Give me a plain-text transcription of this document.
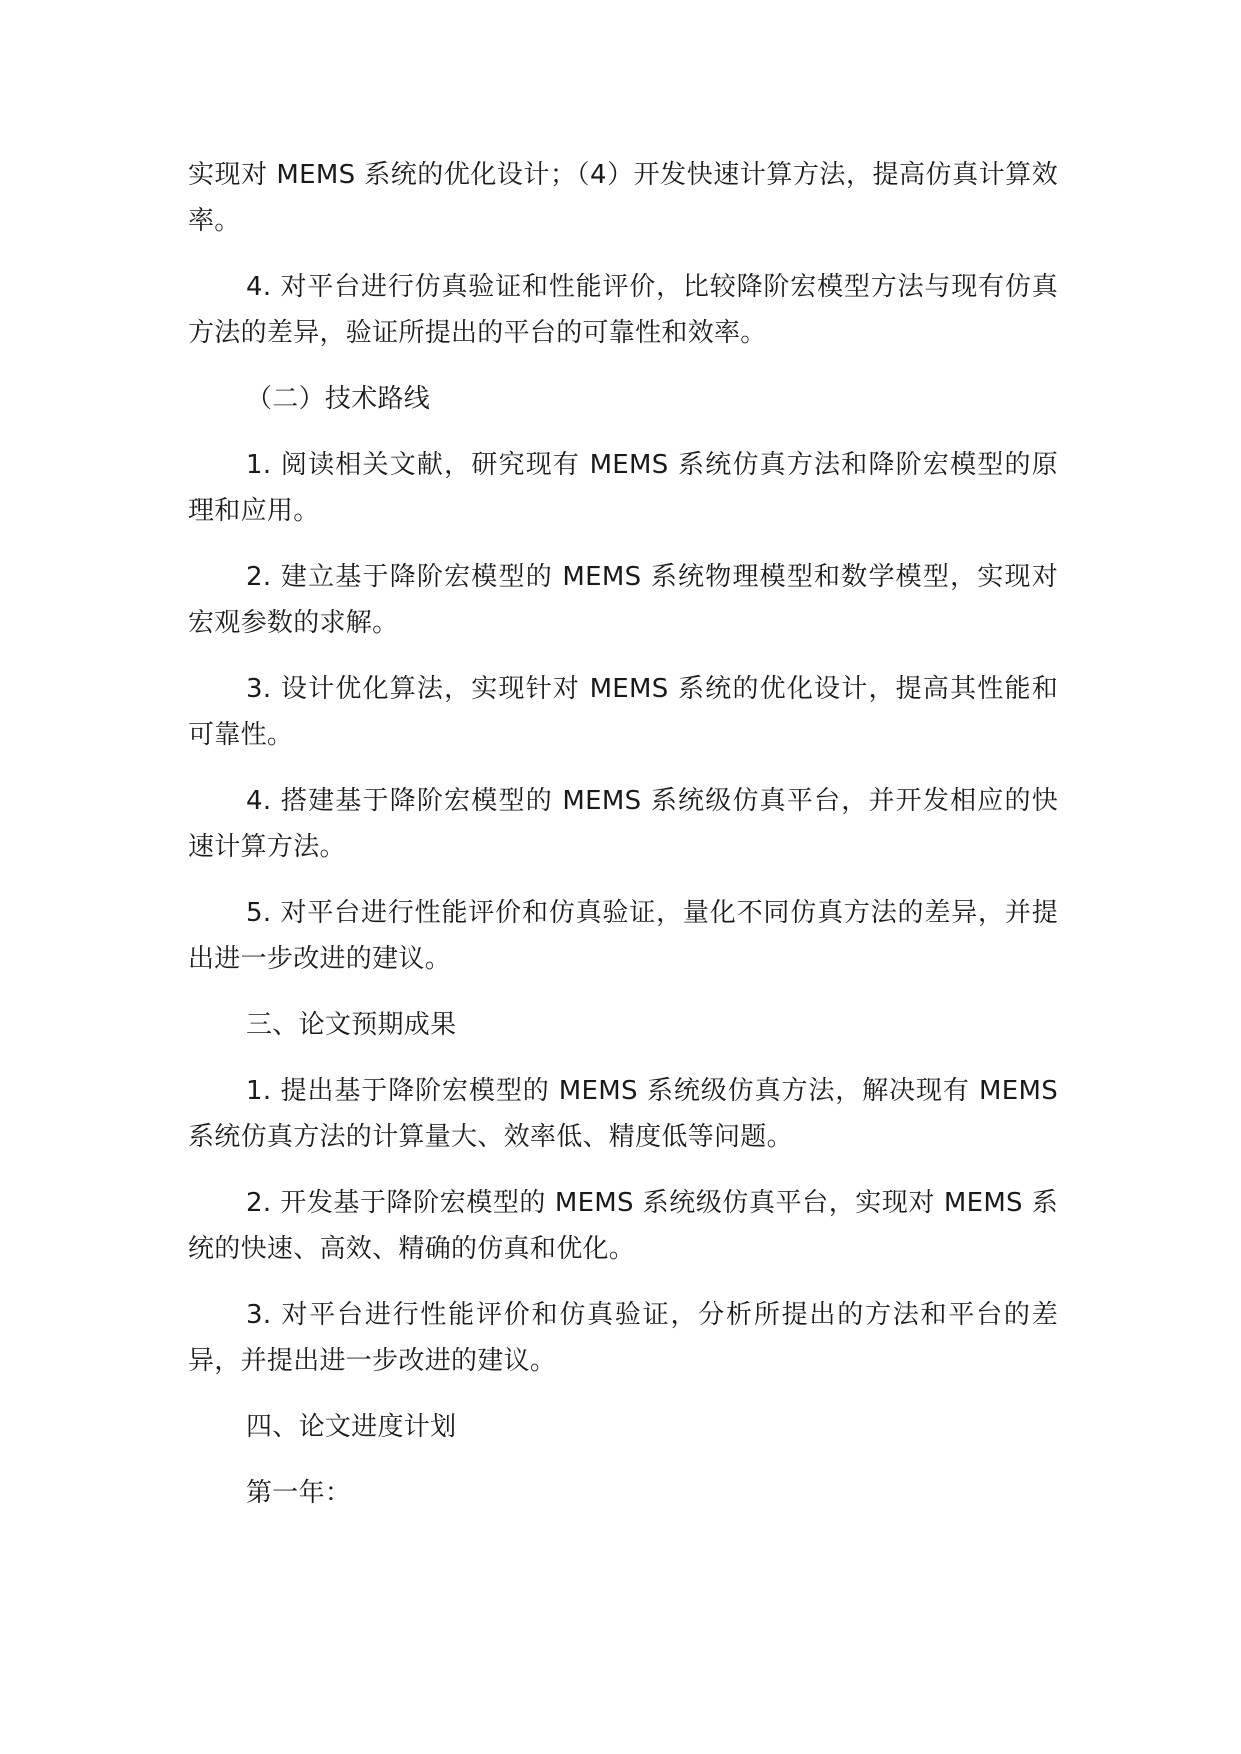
实现对 MEMS 系统的优化设计；（4）开发快速计算方法，提高仿真计算效率。

4. 对平台进行仿真验证和性能评价，比较降阶宏模型方法与现有仿真方法的差异，验证所提出的平台的可靠性和效率。

（二）技术路线

1. 阅读相关文献，研究现有 MEMS 系统仿真方法和降阶宏模型的原理和应用。

2. 建立基于降阶宏模型的 MEMS 系统物理模型和数学模型，实现对宏观参数的求解。

3. 设计优化算法，实现针对 MEMS 系统的优化设计，提高其性能和可靠性。

4. 搭建基于降阶宏模型的 MEMS 系统级仿真平台，并开发相应的快速计算方法。

5. 对平台进行性能评价和仿真验证，量化不同仿真方法的差异，并提出进一步改进的建议。

三、论文预期成果

1. 提出基于降阶宏模型的 MEMS 系统级仿真方法，解决现有 MEMS 系统仿真方法的计算量大、效率低、精度低等问题。

2. 开发基于降阶宏模型的 MEMS 系统级仿真平台，实现对 MEMS 系统的快速、高效、精确的仿真和优化。

3. 对平台进行性能评价和仿真验证，分析所提出的方法和平台的差异，并提出进一步改进的建议。

四、论文进度计划

第一年：
